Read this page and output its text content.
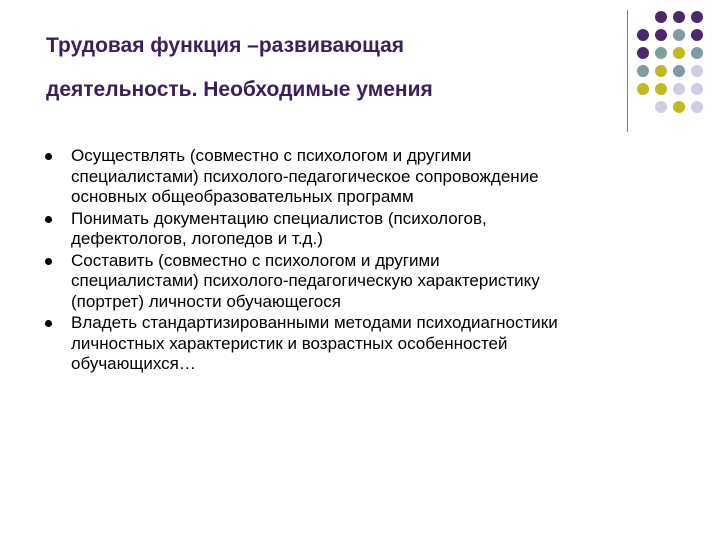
Трудовая функция –развивающая
деятельность. Необходимые умения
Осуществлять (совместно с психологом и другими
специалистами) психолого-педагогическое сопровождение
основных общеобразовательных программ
Понимать документацию специалистов (психологов,
дефектологов, логопедов и т.д.)
Составить (совместно с психологом и другими
специалистами) психолого-педагогическую характеристику
(портрет) личности обучающегося
Владеть стандартизированными методами психодиагностики
личностных характеристик и возрастных особенностей
обучающихся…
